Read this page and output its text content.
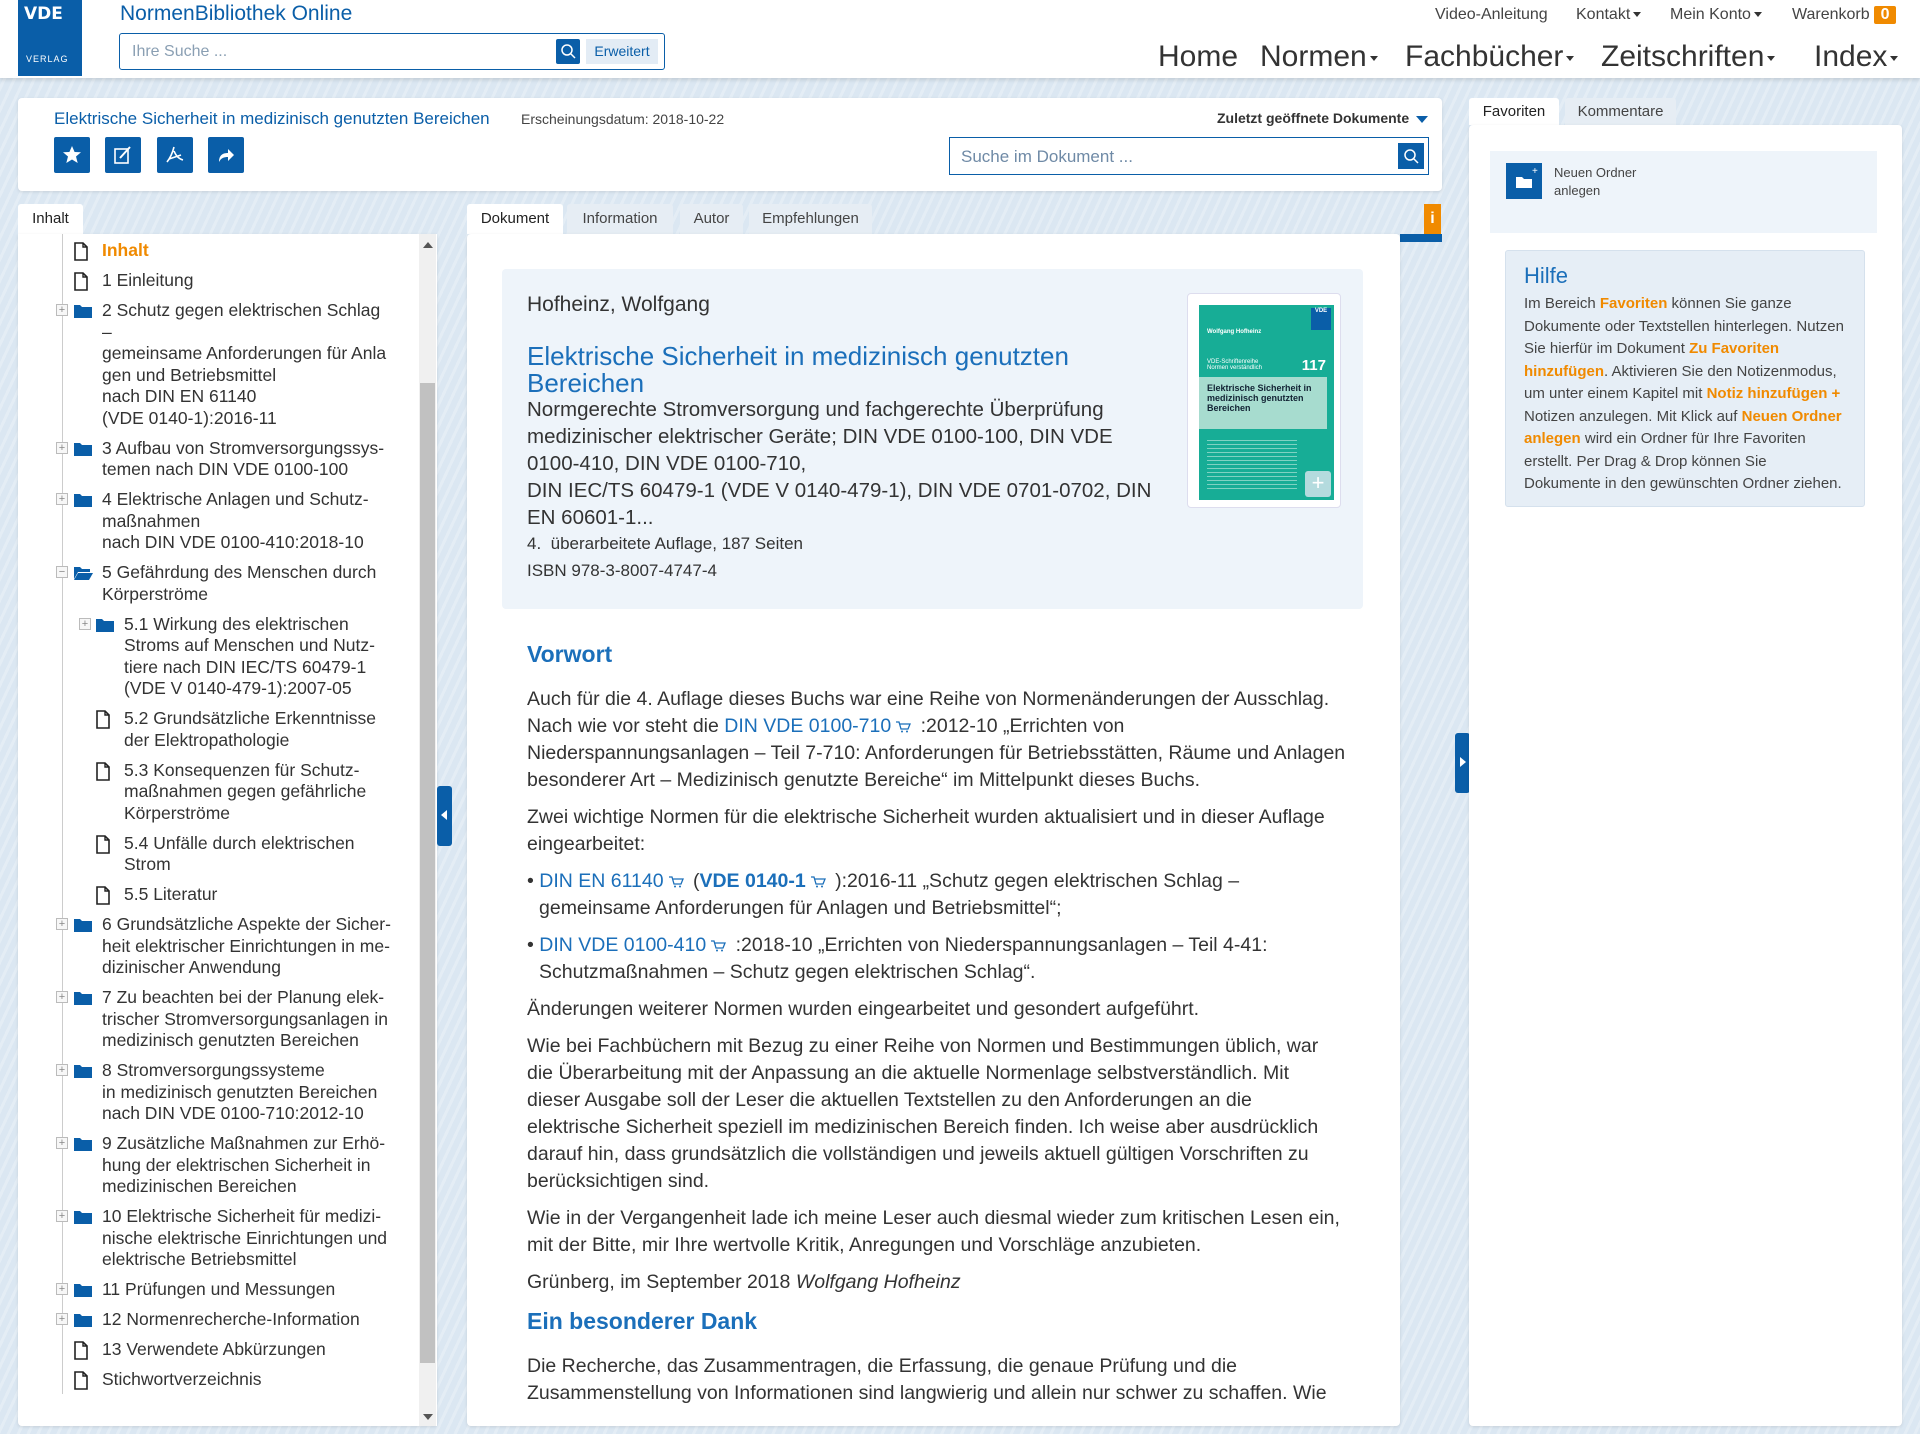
VDE
VERLAG
NormenBibliothek Online
Ihre Suche ...	Erweitert
Video-Anleitung Kontakt	Mein Konto	Warenkorb 0
Home Normen	Fachbücher	Zeitschriften	Index
Elektrische Sicherheit in medizinisch genutzten Bereichen Erscheinungsdatum: 2018-10-22	Zuletzt geöffnete Dokumente
Suche im Dokument ...
Inhalt
Inhalt
1 Einleitung
+	2 Schutz gegen elektrischen Schlag
–
gemeinsame Anforderungen für Anla
gen und Betriebsmittel
nach DIN EN 61140
(VDE 0140-1):2016-11
+	3 Aufbau von Stromversorgungssys-
temen nach DIN VDE 0100-100
+	4 Elektrische Anlagen und Schutz-
maßnahmen
nach DIN VDE 0100-410:2018-10
−	5 Gefährdung des Menschen durch
Körperströme
+	5.1 Wirkung des elektrischen
Stroms auf Menschen und Nutz-
tiere nach DIN IEC/TS 60479-1
(VDE V 0140-479-1):2007-05
5.2 Grundsätzliche Erkenntnisse
der Elektropathologie
5.3 Konsequenzen für Schutz-
maßnahmen gegen gefährliche
Körperströme
5.4 Unfälle durch elektrischen
Strom
5.5 Literatur
+	6 Grundsätzliche Aspekte der Sicher-
heit elektrischer Einrichtungen in me-
dizinischer Anwendung
+	7 Zu beachten bei der Planung elek-
trischer Stromversorgungsanlagen in
medizinisch genutzten Bereichen
+	8 Stromversorgungssysteme
in medizinisch genutzten Bereichen
nach DIN VDE 0100-710:2012-10
+	9 Zusätzliche Maßnahmen zur Erhö-
hung der elektrischen Sicherheit in
medizinischen Bereichen
+	10 Elektrische Sicherheit für medizi-
nische elektrische Einrichtungen und
elektrische Betriebsmittel
+	11 Prüfungen und Messungen
+	12 Normenrecherche-Information
13 Verwendete Abkürzungen
Stichwortverzeichnis
Dokument	Information	Autor	Empfehlungen	i
Hofheinz, Wolfgang
Elektrische Sicherheit in medizinisch genutzten Bereichen
Normgerechte Stromversorgung und fachgerechte Überprüfung medizinischer elektrischer Geräte; DIN VDE 0100-100, DIN VDE 0100-410, DIN VDE 0100-710,
DIN IEC/TS 60479-1 (VDE V 0140-479-1), DIN VDE 0701-0702, DIN EN 60601-1...
4.  überarbeitete Auflage, 187 Seiten
ISBN 978-3-8007-4747-4
VDE
Wolfgang Hofheinz
VDE-Schriftenreihe Normen verständlich	117
Elektrische Sicherheit in medizinisch genutzten Bereichen
+
Vorwort

Auch für die 4. Auflage dieses Buchs war eine Reihe von Normenänderungen der Ausschlag. Nach wie vor steht die DIN VDE 0100-710 :2012-10 „Errichten von Niederspannungsanlagen – Teil 7-710: Anforderungen für Betriebsstätten, Räume und Anlagen besonderer Art – Medizinisch genutzte Bereiche“ im Mittelpunkt dieses Buchs.

Zwei wichtige Normen für die elektrische Sicherheit wurden aktualisiert und in dieser Auflage eingearbeitet:

• DIN EN 61140 (VDE 0140-1 ):2016-11 „Schutz gegen elektrischen Schlag – gemeinsame Anforderungen für Anlagen und Betriebsmittel“;

• DIN VDE 0100-410 :2018-10 „Errichten von Niederspannungsanlagen – Teil 4-41: Schutzmaßnahmen – Schutz gegen elektrischen Schlag“.

Änderungen weiterer Normen wurden eingearbeitet und gesondert aufgeführt.

Wie bei Fachbüchern mit Bezug zu einer Reihe von Normen und Bestimmungen üblich, war die Überarbeitung mit der Anpassung an die aktuelle Normenlage selbstverständlich. Mit dieser Ausgabe soll der Leser die aktuellen Textstellen zu den Anforderungen an die elektrische Sicherheit speziell im medizinischen Bereich finden. Ich weise aber ausdrücklich darauf hin, dass grundsätzlich die vollständigen und jeweils aktuell gültigen Vorschriften zu berücksichtigen sind.

Wie in der Vergangenheit lade ich meine Leser auch diesmal wieder zum kritischen Lesen ein, mit der Bitte, mir Ihre wertvolle Kritik, Anregungen und Vorschläge anzubieten.

Grünberg, im September 2018 Wolfgang Hofheinz

Ein besonderer Dank

Die Recherche, das Zusammentragen, die Erfassung, die genaue Prüfung und die Zusammenstellung von Informationen sind langwierig und allein nur schwer zu schaffen. Wie

Favoriten	Kommentare
+ Neuen Ordner
anlegen
Hilfe

Im Bereich Favoriten können Sie ganze Dokumente oder Textstellen hinterlegen. Nutzen Sie hierfür im Dokument Zu Favoriten hinzufügen. Aktivieren Sie den Notizenmodus, um unter einem Kapitel mit Notiz hinzufügen + Notizen anzulegen. Mit Klick auf Neuen Ordner anlegen wird ein Ordner für Ihre Favoriten erstellt. Per Drag & Drop können Sie Dokumente in den gewünschten Ordner ziehen.
